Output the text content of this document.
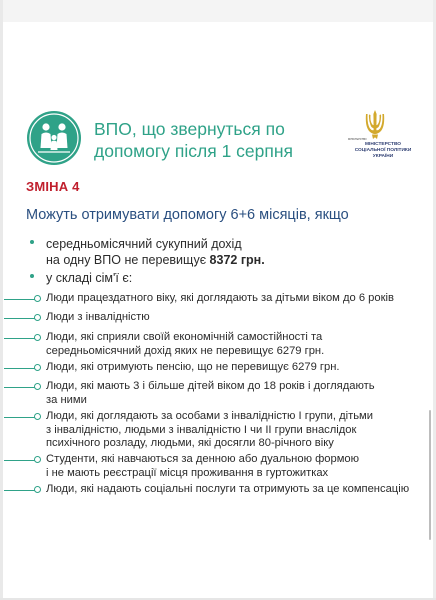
ВПО, що звернуться по допомогу після 1 серпня
МІНІСТЕРСТВО
МІНІСТЕРСТВО
СОЦІАЛЬНОЇ ПОЛІТИКИ
УКРАЇНИ
ЗМІНА 4
Можуть отримувати допомогу 6+6 місяців, якщо
середньомісячний сукупний дохід
на одну ВПО не перевищує 8372 грн.
у складі сім'ї є:
Люди працездатного віку, які доглядають за дітьми віком до 6 років
Люди з інвалідністю
Люди, які сприяли своїй економічній самостійності та
середньомісячний дохід яких не перевищує 6279 грн.
Люди, які отримують пенсію, що не перевищує 6279 грн.
Люди, які мають 3 і більше дітей віком до 18 років і доглядають
за ними
Люди, які доглядають за особами з інвалідністю І групи, дітьми
з інвалідністю, людьми з інвалідністю І чи ІІ групи внаслідок
психічного розладу, людьми, які досягли 80-річного віку
Студенти, які навчаються за денною або дуальною формою
і не мають реєстрації місця проживання в гуртожитках
Люди, які надають соціальні послуги та отримують за це компенсацію
